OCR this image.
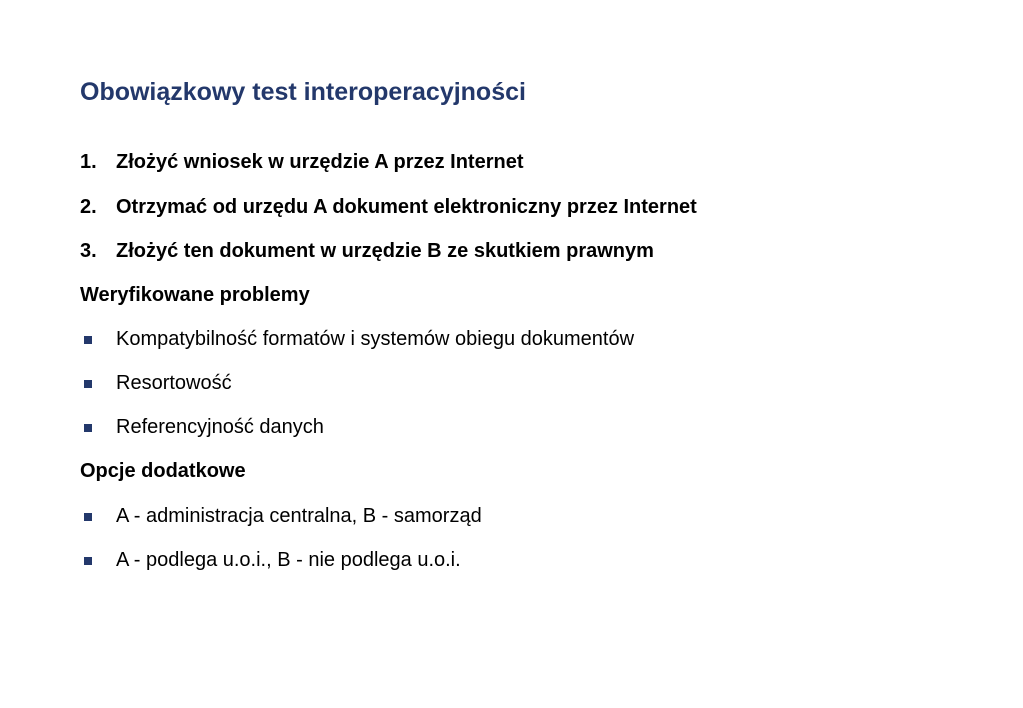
Obowiązkowy test interoperacyjności
1. Złożyć wniosek w urzędzie A przez Internet
2. Otrzymać od urzędu A dokument elektroniczny przez Internet
3. Złożyć ten dokument w urzędzie B ze skutkiem prawnym
Weryfikowane problemy
Kompatybilność formatów i systemów obiegu dokumentów
Resortowość
Referencyjność danych
Opcje dodatkowe
A - administracja centralna, B - samorząd
A - podlega u.o.i., B - nie podlega u.o.i.
